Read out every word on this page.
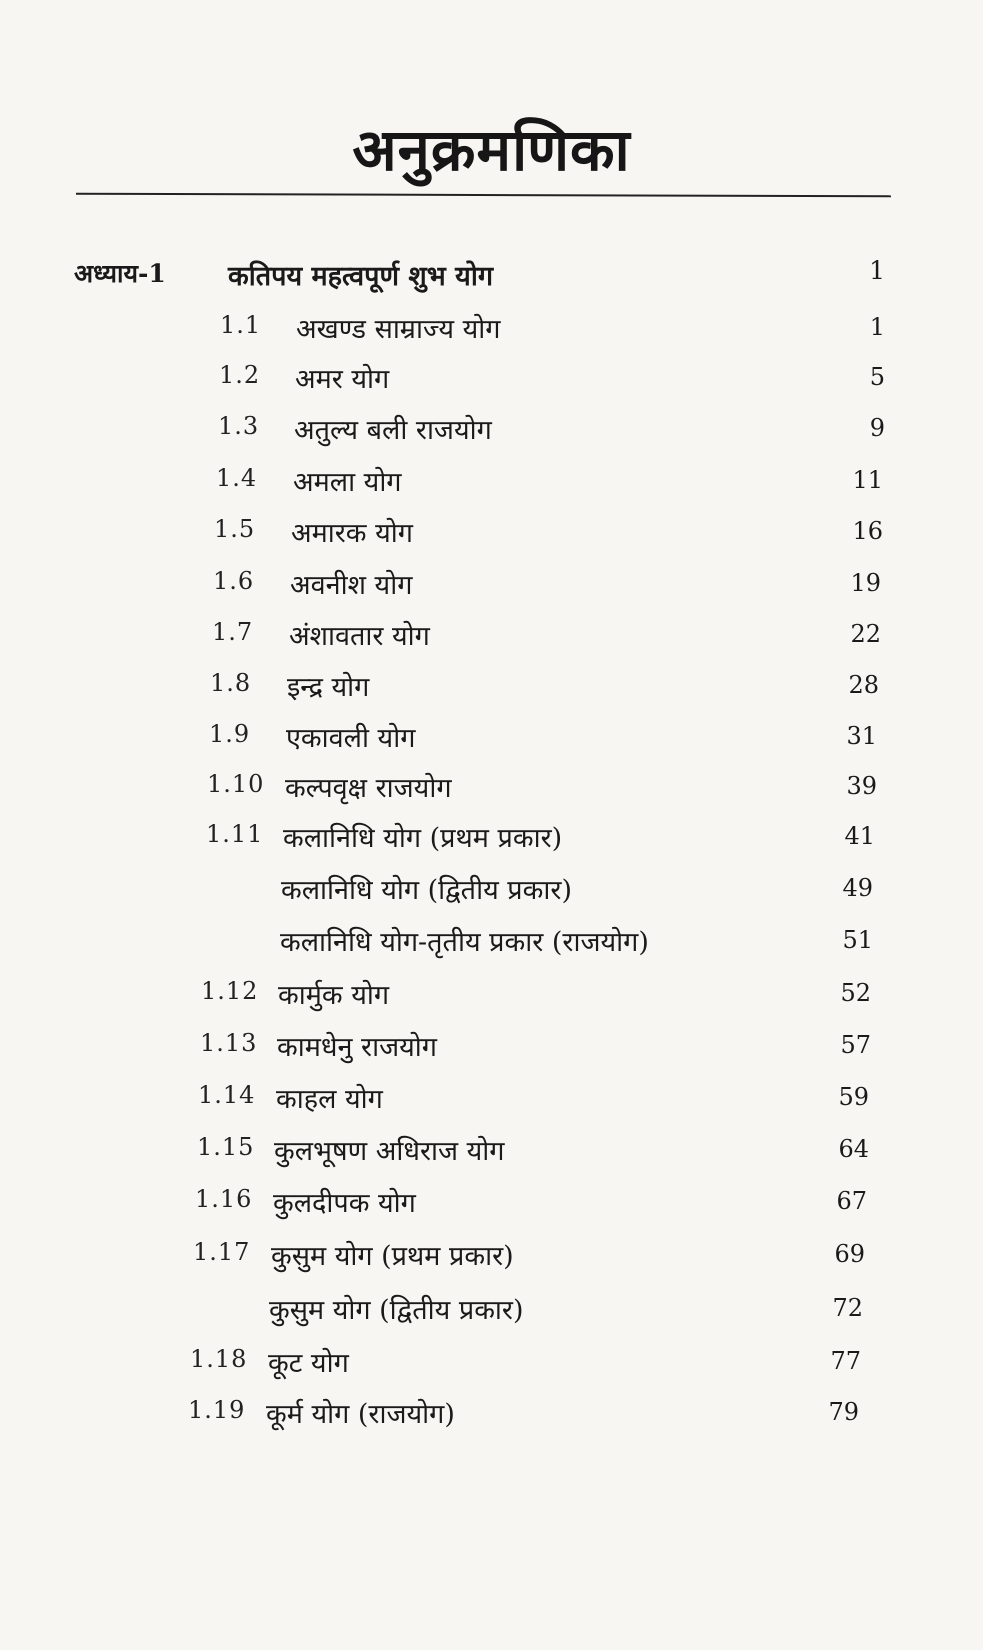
अनुक्रमणिका
अध्याय-1 कतिपय महत्वपूर्ण शुभ योग	1
1.1 अखण्ड साम्राज्य योग	1
1.2 अमर योग	5
1.3 अतुल्य बली राजयोग	9
1.4 अमला योग	11
1.5 अमारक योग	16
1.6 अवनीश योग	19
1.7 अंशावतार योग	22
1.8 इन्द्र योग	28
1.9 एकावली योग	31
1.10 कल्पवृक्ष राजयोग	39
1.11 कलानिधि योग (प्रथम प्रकार)	41
कलानिधि योग (द्वितीय प्रकार)	49
कलानिधि योग-तृतीय प्रकार (राजयोग)	51
1.12 कार्मुक योग	52
1.13 कामधेनु राजयोग	57
1.14 काहल योग	59
1.15 कुलभूषण अधिराज योग	64
1.16 कुलदीपक योग	67
1.17 कुसुम योग (प्रथम प्रकार)	69
कुसुम योग (द्वितीय प्रकार)	72
1.18 कूट योग	77
1.19 कूर्म योग (राजयोग)	79
